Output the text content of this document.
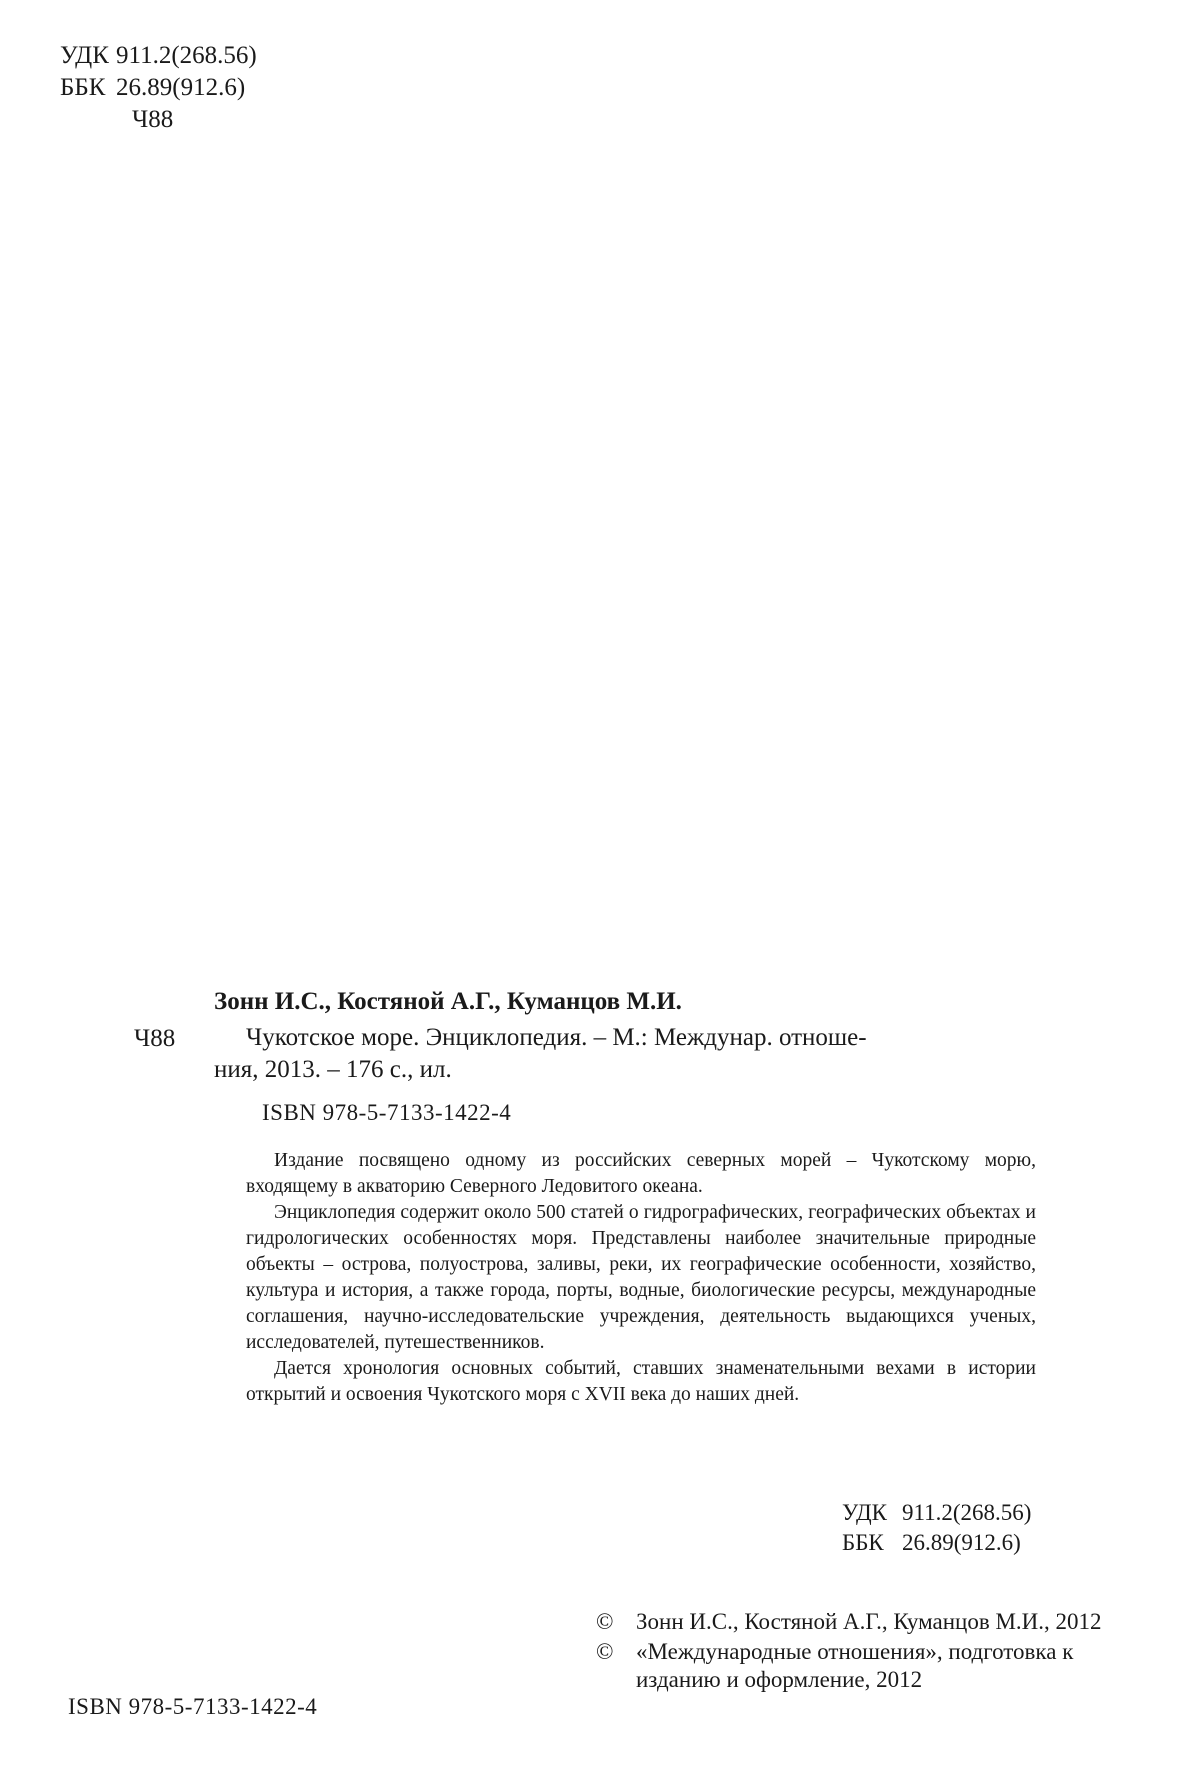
УДК 911.2(268.56)
ББК 26.89(912.6)
Ч88
Зонн И.С., Костяной А.Г., Куманцов М.И.
Ч88	Чукотское море. Энциклопедия. – М.: Междунар. отноше-
ния, 2013. – 176 с., ил.
ISBN 978-5-7133-1422-4

Издание посвящено одному из российских северных морей – Чукотскому морю, входящему в акваторию Северного Ледовитого океана.

Энциклопедия содержит около 500 статей о гидрографических, географических объектах и гидрологических особенностях моря. Представлены наиболее значительные природные объекты – острова, полуострова, заливы, реки, их географические особенности, хозяйство, культура и история, а также города, порты, водные, биологические ресурсы, международные соглашения, научно-исследовательские учреждения, деятельность выдающихся ученых, исследователей, путешественников.

Дается хронология основных событий, ставших знаменательными вехами в истории открытий и освоения Чукотского моря с XVII века до наших дней.

УДК 911.2(268.56)
ББК 26.89(912.6)
© Зонн И.С., Костяной А.Г., Куманцов М.И., 2012
© «Международные отношения», подготовка к изданию и оформление, 2012
ISBN 978-5-7133-1422-4
